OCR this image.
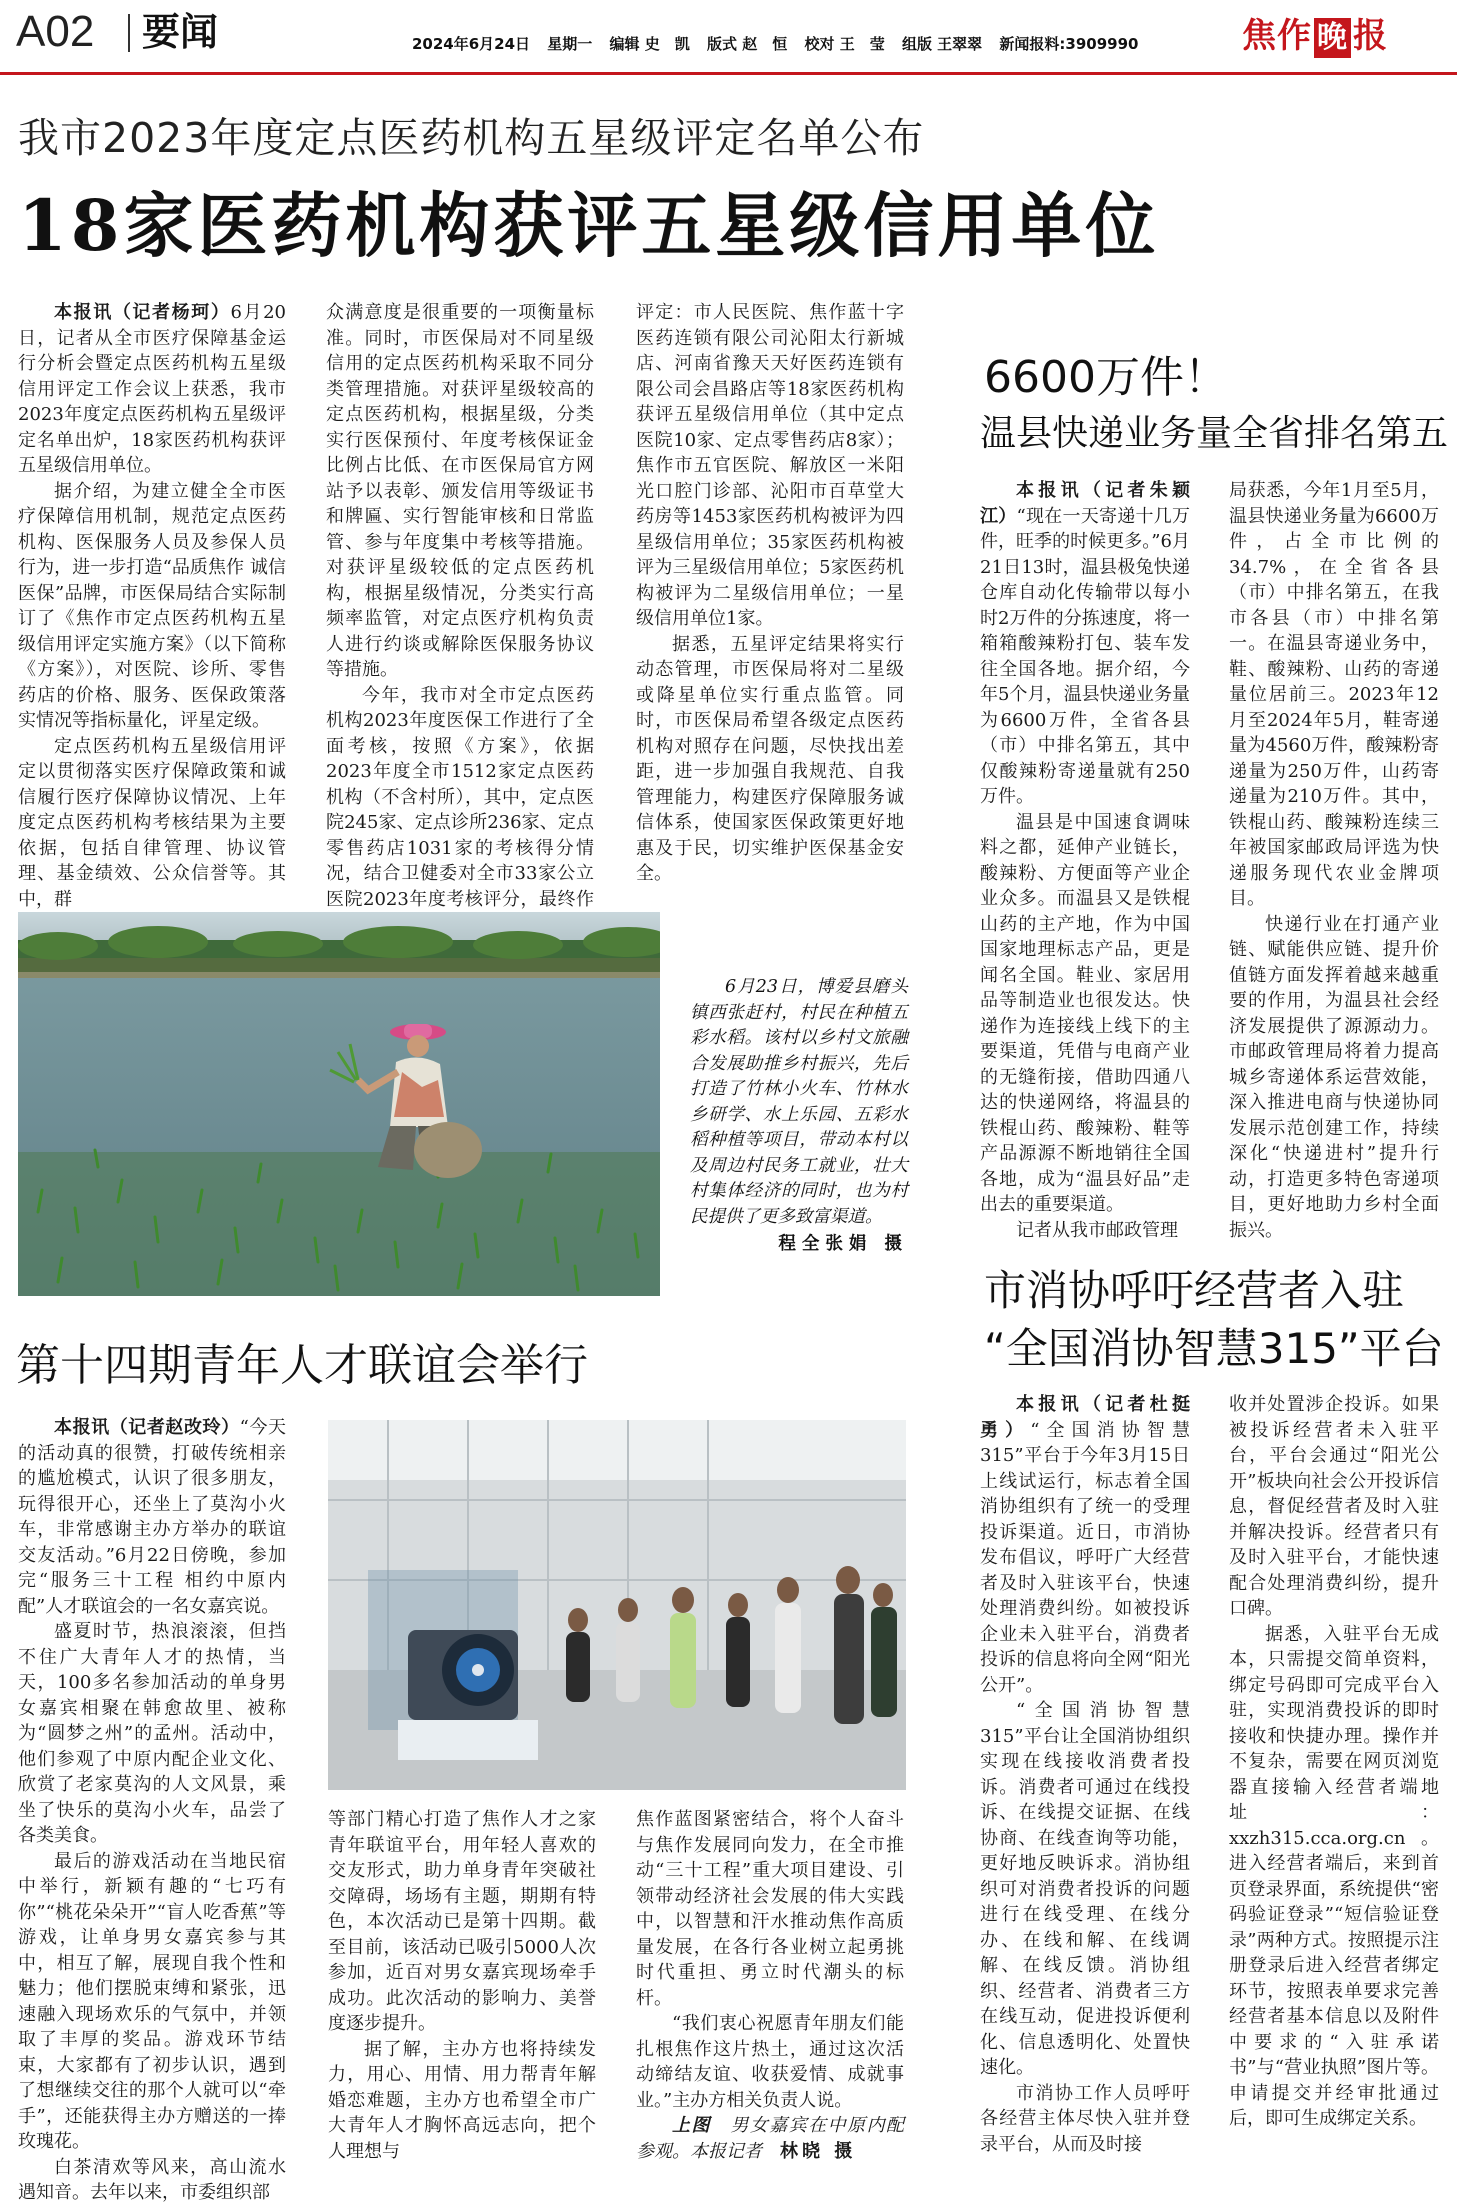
A02 要闻	2024年6月24日 星期一 编辑 史　凯 版式 赵　恒 校对 王　莹 组版 王翠翠 新闻报料:3909990	焦作 晚 报
我市2023年度定点医药机构五星级评定名单公布
18家医药机构获评五星级信用单位

本报讯（记者杨珂）6月20日，记者从全市医疗保障基金运行分析会暨定点医药机构五星级信用评定工作会议上获悉，我市2023年度定点医药机构五星级评定名单出炉，18家医药机构获评五星级信用单位。

据介绍，为建立健全全市医疗保障信用机制，规范定点医药机构、医保服务人员及参保人员行为，进一步打造“品质焦作 诚信医保”品牌，市医保局结合实际制订了《焦作市定点医药机构五星级信用评定实施方案》（以下简称《方案》），对医院、诊所、零售药店的价格、服务、医保政策落实情况等指标量化，评星定级。

定点医药机构五星级信用评定以贯彻落实医疗保障政策和诚信履行医疗保障协议情况、上年度定点医药机构考核结果为主要依据，包括自律管理、协议管理、基金绩效、公众信誉等。其中，群

众满意度是很重要的一项衡量标准。同时，市医保局对不同星级信用的定点医药机构采取不同分类管理措施。对获评星级较高的定点医药机构，根据星级，分类实行医保预付、年度考核保证金比例占比低、在市医保局官方网站予以表彰、颁发信用等级证书和牌匾、实行智能审核和日常监管、参与年度集中考核等措施。对获评星级较低的定点医药机构，根据星级情况，分类实行高频率监管，对定点医疗机构负责人进行约谈或解除医保服务协议等措施。

今年，我市对全市定点医药机构2023年度医保工作进行了全面考核，按照《方案》，依据2023年度全市1512家定点医药机构（不含村所），其中，定点医院245家、定点诊所236家、定点零售药店1031家的考核得分情况，结合卫健委对全市33家公立医院2023年度考核评分，最终作

评定：市人民医院、焦作蓝十字医药连锁有限公司沁阳太行新城店、河南省豫天天好医药连锁有限公司会昌路店等18家医药机构获评五星级信用单位（其中定点医院10家、定点零售药店8家）；焦作市五官医院、解放区一米阳光口腔门诊部、沁阳市百草堂大药房等1453家医药机构被评为四星级信用单位；35家医药机构被评为三星级信用单位；5家医药机构被评为二星级信用单位；一星级信用单位1家。

据悉，五星评定结果将实行动态管理，市医保局将对二星级或降星单位实行重点监管。同时，市医保局希望各级定点医药机构对照存在问题，尽快找出差距，进一步加强自我规范、自我管理能力，构建医疗保障服务诚信体系，使国家医保政策更好地惠及于民，切实维护医保基金安全。

6600万件！
温县快递业务量全省排名第五

本报讯（记者朱颖江）“现在一天寄递十几万件，旺季的时候更多。”6月21日13时，温县极兔快递仓库自动化传输带以每小时2万件的分拣速度，将一箱箱酸辣粉打包、装车发往全国各地。据介绍，今年5个月，温县快递业务量为6600万件，全省各县（市）中排名第五，其中仅酸辣粉寄递量就有250万件。

温县是中国速食调味料之都，延伸产业链长，酸辣粉、方便面等产业企业众多。而温县又是铁棍山药的主产地，作为中国国家地理标志产品，更是闻名全国。鞋业、家居用品等制造业也很发达。快递作为连接线上线下的主要渠道，凭借与电商产业的无缝衔接，借助四通八达的快递网络，将温县的铁棍山药、酸辣粉、鞋等产品源源不断地销往全国各地，成为“温县好品”走出去的重要渠道。

记者从我市邮政管理

局获悉，今年1月至5月，温县快递业务量为6600万件，占全市比例的34.7%，在全省各县（市）中排名第五，在我市各县（市）中排名第一。在温县寄递业务中，鞋、酸辣粉、山药的寄递量位居前三。2023年12月至2024年5月，鞋寄递量为4560万件，酸辣粉寄递量为250万件，山药寄递量为210万件。其中，铁棍山药、酸辣粉连续三年被国家邮政局评选为快递服务现代农业金牌项目。

快递行业在打通产业链、赋能供应链、提升价值链方面发挥着越来越重要的作用，为温县社会经济发展提供了源源动力。市邮政管理局将着力提高城乡寄递体系运营效能，深入推进电商与快递协同发展示范创建工作，持续深化“快递进村”提升行动，打造更多特色寄递项目，更好地助力乡村全面振兴。

6月23日，博爱县磨头镇西张赶村，村民在种植五彩水稻。该村以乡村文旅融合发展助推乡村振兴，先后打造了竹林小火车、竹林水乡研学、水上乐园、五彩水稻种植等项目，带动本村以及周边村民务工就业，壮大村集体经济的同时，也为村民提供了更多致富渠道。

程全张娟 摄
第十四期青年人才联谊会举行

本报讯（记者赵改玲）“今天的活动真的很赞，打破传统相亲的尴尬模式，认识了很多朋友，玩得很开心，还坐上了莫沟小火车，非常感谢主办方举办的联谊交友活动。”6月22日傍晚，参加完“服务三十工程 相约中原内配”人才联谊会的一名女嘉宾说。

盛夏时节，热浪滚滚，但挡不住广大青年人才的热情，当天，100多名参加活动的单身男女嘉宾相聚在韩愈故里、被称为“圆梦之州”的孟州。活动中，他们参观了中原内配企业文化、欣赏了老家莫沟的人文风景，乘坐了快乐的莫沟小火车，品尝了各类美食。

最后的游戏活动在当地民宿中举行，新颖有趣的“七巧有你”“桃花朵朵开”“盲人吃香蕉”等游戏，让单身男女嘉宾参与其中，相互了解，展现自我个性和魅力；他们摆脱束缚和紧张，迅速融入现场欢乐的气氛中，并领取了丰厚的奖品。游戏环节结束，大家都有了初步认识，遇到了想继续交往的那个人就可以“牵手”，还能获得主办方赠送的一捧玫瑰花。

白茶清欢等风来，高山流水遇知音。去年以来，市委组织部

等部门精心打造了焦作人才之家青年联谊平台，用年轻人喜欢的交友形式，助力单身青年突破社交障碍，场场有主题，期期有特色，本次活动已是第十四期。截至目前，该活动已吸引5000人次参加，近百对男女嘉宾现场牵手成功。此次活动的影响力、美誉度逐步提升。

据了解，主办方也将持续发力，用心、用情、用力帮青年解婚恋难题，主办方也希望全市广大青年人才胸怀高远志向，把个人理想与

焦作蓝图紧密结合，将个人奋斗与焦作发展同向发力，在全市推动“三十工程”重大项目建设、引领带动经济社会发展的伟大实践中，以智慧和汗水推动焦作高质量发展，在各行各业树立起勇挑时代重担、勇立时代潮头的标杆。

“我们衷心祝愿青年朋友们能扎根焦作这片热土，通过这次活动缔结友谊、收获爱情、成就事业。”主办方相关负责人说。

上图　 男女嘉宾在中原内配参观。本报记者　 林晓 摄

市消协呼吁经营者入驻
“全国消协智慧315”平台

本报讯（记者杜挺勇）“全国消协智慧315”平台于今年3月15日上线试运行，标志着全国消协组织有了统一的受理投诉渠道。近日，市消协发布倡议，呼吁广大经营者及时入驻该平台，快速处理消费纠纷。如被投诉企业未入驻平台，消费者投诉的信息将向全网“阳光公开”。

“全国消协智慧315”平台让全国消协组织实现在线接收消费者投诉。消费者可通过在线投诉、在线提交证据、在线协商、在线查询等功能，更好地反映诉求。消协组织可对消费者投诉的问题进行在线受理、在线分办、在线和解、在线调解、在线反馈。消协组织、经营者、消费者三方在线互动，促进投诉便利化、信息透明化、处置快速化。

市消协工作人员呼吁各经营主体尽快入驻并登录平台，从而及时接

收并处置涉企投诉。如果被投诉经营者未入驻平台，平台会通过“阳光公开”板块向社会公开投诉信息，督促经营者及时入驻并解决投诉。经营者只有及时入驻平台，才能快速配合处理消费纠纷，提升口碑。

据悉，入驻平台无成本，只需提交简单资料，绑定号码即可完成平台入驻，实现消费投诉的即时接收和快捷办理。操作并不复杂，需要在网页浏览器直接输入经营者端地址：xxzh315.cca.org.cn。进入经营者端后，来到首页登录界面，系统提供“密码验证登录”“短信验证登录”两种方式。按照提示注册登录后进入经营者绑定环节，按照表单要求完善经营者基本信息以及附件中要求的“入驻承诺书”与“营业执照”图片等。申请提交并经审批通过后，即可生成绑定关系。
